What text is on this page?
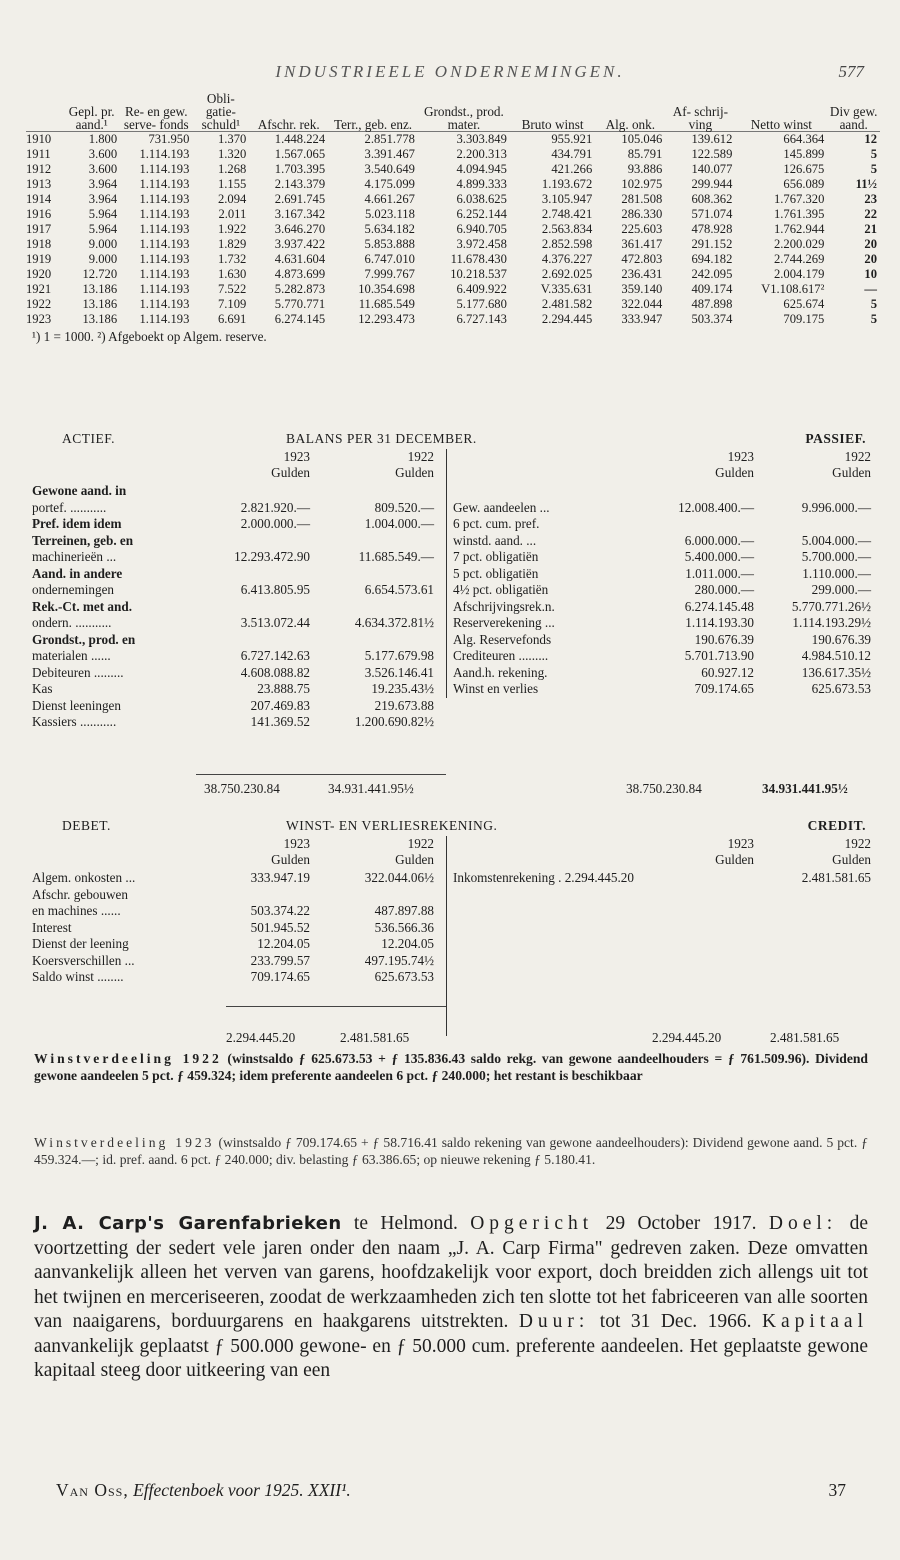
INDUSTRIEELE ONDERNEMINGEN.	577
	Gepl. pr. aand.¹	Re- en gew. serve- fonds	Obli- gatie- schuld¹	Afschr. rek.	Terr., geb. enz.	Grondst., prod. mater.	Bruto winst	Alg. onk.	Af- schrij- ving	Netto winst	Div gew. aand.

1910	1.800	731.950	1.370	1.448.224	2.851.778	3.303.849	955.921	105.046	139.612	664.364	12
1911	3.600	1.114.193	1.320	1.567.065	3.391.467	2.200.313	434.791	85.791	122.589	145.899	5
1912	3.600	1.114.193	1.268	1.703.395	3.540.649	4.094.945	421.266	93.886	140.077	126.675	5
1913	3.964	1.114.193	1.155	2.143.379	4.175.099	4.899.333	1.193.672	102.975	299.944	656.089	11½
1914	3.964	1.114.193	2.094	2.691.745	4.661.267	6.038.625	3.105.947	281.508	608.362	1.767.320	23
1916	5.964	1.114.193	2.011	3.167.342	5.023.118	6.252.144	2.748.421	286.330	571.074	1.761.395	22
1917	5.964	1.114.193	1.922	3.646.270	5.634.182	6.940.705	2.563.834	225.603	478.928	1.762.944	21
1918	9.000	1.114.193	1.829	3.937.422	5.853.888	3.972.458	2.852.598	361.417	291.152	2.200.029	20
1919	9.000	1.114.193	1.732	4.631.604	6.747.010	11.678.430	4.376.227	472.803	694.182	2.744.269	20
1920	12.720	1.114.193	1.630	4.873.699	7.999.767	10.218.537	2.692.025	236.431	242.095	2.004.179	10
1921	13.186	1.114.193	7.522	5.282.873	10.354.698	6.409.922	V.335.631	359.140	409.174	V1.108.617²	—
1922	13.186	1.114.193	7.109	5.770.771	11.685.549	5.177.680	2.481.582	322.044	487.898	625.674	5
1923	13.186	1.114.193	6.691	6.274.145	12.293.473	6.727.143	2.294.445	333.947	503.374	709.175	5
¹) 1 = 1000. ²) Afgeboekt op Algem. reserve.
ACTIEF.	BALANS PER 31 DECEMBER.	PASSIEF.
1923
Gulden
1922
Gulden
Gewone aand. in
portef. ...........	2.821.920.—	809.520.—
Pref. idem idem	2.000.000.—	1.004.000.—
Terreinen, geb. en
machinerieën ...	12.293.472.90	11.685.549.—
Aand. in andere
ondernemingen	6.413.805.95	6.654.573.61
Rek.-Ct. met and.
ondern. ...........	3.513.072.44	4.634.372.81½
Grondst., prod. en
materialen ......	6.727.142.63	5.177.679.98
Debiteuren .........	4.608.088.82	3.526.146.41
Kas	23.888.75	19.235.43½
Dienst leeningen	207.469.83	219.673.88
Kassiers ...........	141.369.52	1.200.690.82½
1923
Gulden
1922
Gulden
Gew. aandeelen ...	12.008.400.—	9.996.000.—
6 pct. cum. pref.
winstd. aand. ...	6.000.000.—	5.004.000.—
7 pct. obligatiën	5.400.000.—	5.700.000.—
5 pct. obligatiën	1.011.000.—	1.110.000.—
4½ pct. obligatiën	280.000.—	299.000.—
Afschrijvingsrek.n.	6.274.145.48	5.770.771.26½
Reserverekening ...	1.114.193.30	1.114.193.29½
Alg. Reservefonds	190.676.39	190.676.39
Crediteuren .........	5.701.713.90	4.984.510.12
Aand.h. rekening.	60.927.12	136.617.35½
Winst en verlies	709.174.65	625.673.53
38.750.230.84	34.931.441.95½	38.750.230.84	34.931.441.95½
DEBET.	WINST- EN VERLIESREKENING.	CREDIT.
1923
Gulden
1922
Gulden
Algem. onkosten ...	333.947.19	322.044.06½
Afschr. gebouwen
en machines ......	503.374.22	487.897.88
Interest	501.945.52	536.566.36
Dienst der leening	12.204.05	12.204.05
Koersverschillen ...	233.799.57	497.195.74½
Saldo winst ........	709.174.65	625.673.53
1923
Gulden
1922
Gulden
Inkomstenrekening . 2.294.445.20	2.481.581.65
2.294.445.20	2.481.581.65	2.294.445.20	2.481.581.65
Winstverdeeling 1922 (winstsaldo ƒ 625.673.53 + ƒ 135.836.43 saldo rekg. van gewone aandeelhouders = ƒ 761.509.96). Dividend gewone aandeelen 5 pct. ƒ 459.324; idem preferente aandeelen 6 pct. ƒ 240.000; het restant is beschikbaar
Winstverdeeling 1923 (winstsaldo ƒ 709.174.65 + ƒ 58.716.41 saldo rekening van gewone aandeelhouders): Dividend gewone aand. 5 pct. ƒ 459.324.—; id. pref. aand. 6 pct. ƒ 240.000; div. belasting ƒ 63.386.65; op nieuwe rekening ƒ 5.180.41.
J. A. Carp's Garenfabrieken te Helmond. Opgericht 29 October 1917. Doel: de voortzetting der sedert vele jaren onder den naam „J. A. Carp Firma" gedreven zaken. Deze omvatten aanvankelijk alleen het verven van garens, hoofdzakelijk voor export, doch breidden zich allengs uit tot het twijnen en merceriseeren, zoodat de werkzaamheden zich ten slotte tot het fabriceeren van alle soorten van naaigarens, borduurgarens en haakgarens uitstrekten. Duur: tot 31 Dec. 1966. Kapitaal aanvankelijk geplaatst ƒ 500.000 gewone- en ƒ 50.000 cum. preferente aandeelen. Het geplaatste gewone kapitaal steeg door uitkeering van een
Van Oss, Effectenboek voor 1925. XXII¹.	37
